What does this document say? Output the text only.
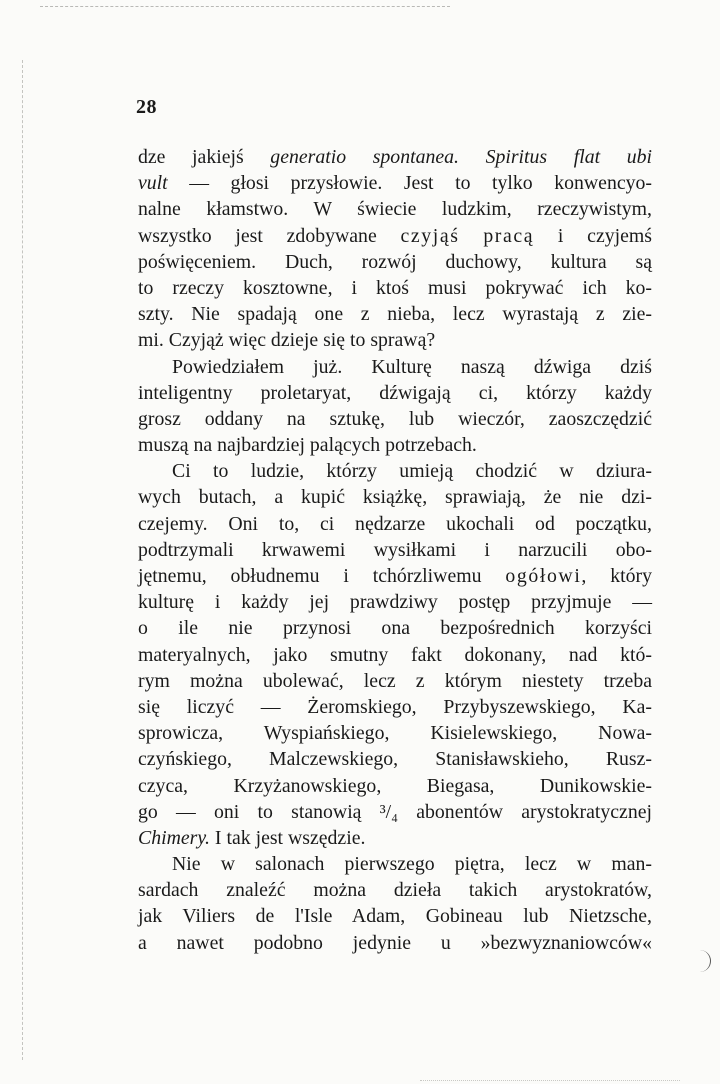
28
dze jakiejś generatio spontanea. Spiritus flat ubi
vult — głosi przysłowie. Jest to tylko konwencyo-
nalne kłamstwo. W świecie ludzkim, rzeczywistym,
wszystko jest zdobywane czyjąś pracą i czyjemś
poświęceniem. Duch, rozwój duchowy, kultura są
to rzeczy kosztowne, i ktoś musi pokrywać ich ko-
szty. Nie spadają one z nieba, lecz wyrastają z zie-
mi. Czyjąż więc dzieje się to sprawą?
Powiedziałem już. Kulturę naszą dźwiga dziś
inteligentny proletaryat, dźwigają ci, którzy każdy
grosz oddany na sztukę, lub wieczór, zaoszczędzić
muszą na najbardziej palących potrzebach.
Ci to ludzie, którzy umieją chodzić w dziura-
wych butach, a kupić książkę, sprawiają, że nie dzi-
czejemy. Oni to, ci nędzarze ukochali od początku,
podtrzymali krwawemi wysiłkami i narzucili obo-
jętnemu, obłudnemu i tchórzliwemu ogółowi, który
kulturę i każdy jej prawdziwy postęp przyjmuje —
o ile nie przynosi ona bezpośrednich korzyści
materyalnych, jako smutny fakt dokonany, nad któ-
rym można ubolewać, lecz z którym niestety trzeba
się liczyć — Żeromskiego, Przybyszewskiego, Ka-
sprowicza, Wyspiańskiego, Kisielewskiego, Nowa-
czyńskiego, Malczewskiego, Stanisławskieho, Rusz-
czyca, Krzyżanowskiego, Biegasa, Dunikowskie-
go — oni to stanowią ³/₄ abonentów arystokratycznej
Chimery. I tak jest wszędzie.
Nie w salonach pierwszego piętra, lecz w man-
sardach znaleźć można dzieła takich arystokratów,
jak Viliers de l'Isle Adam, Gobineau lub Nietzsche,
a nawet podobno jedynie u »bezwyznaniowców«
